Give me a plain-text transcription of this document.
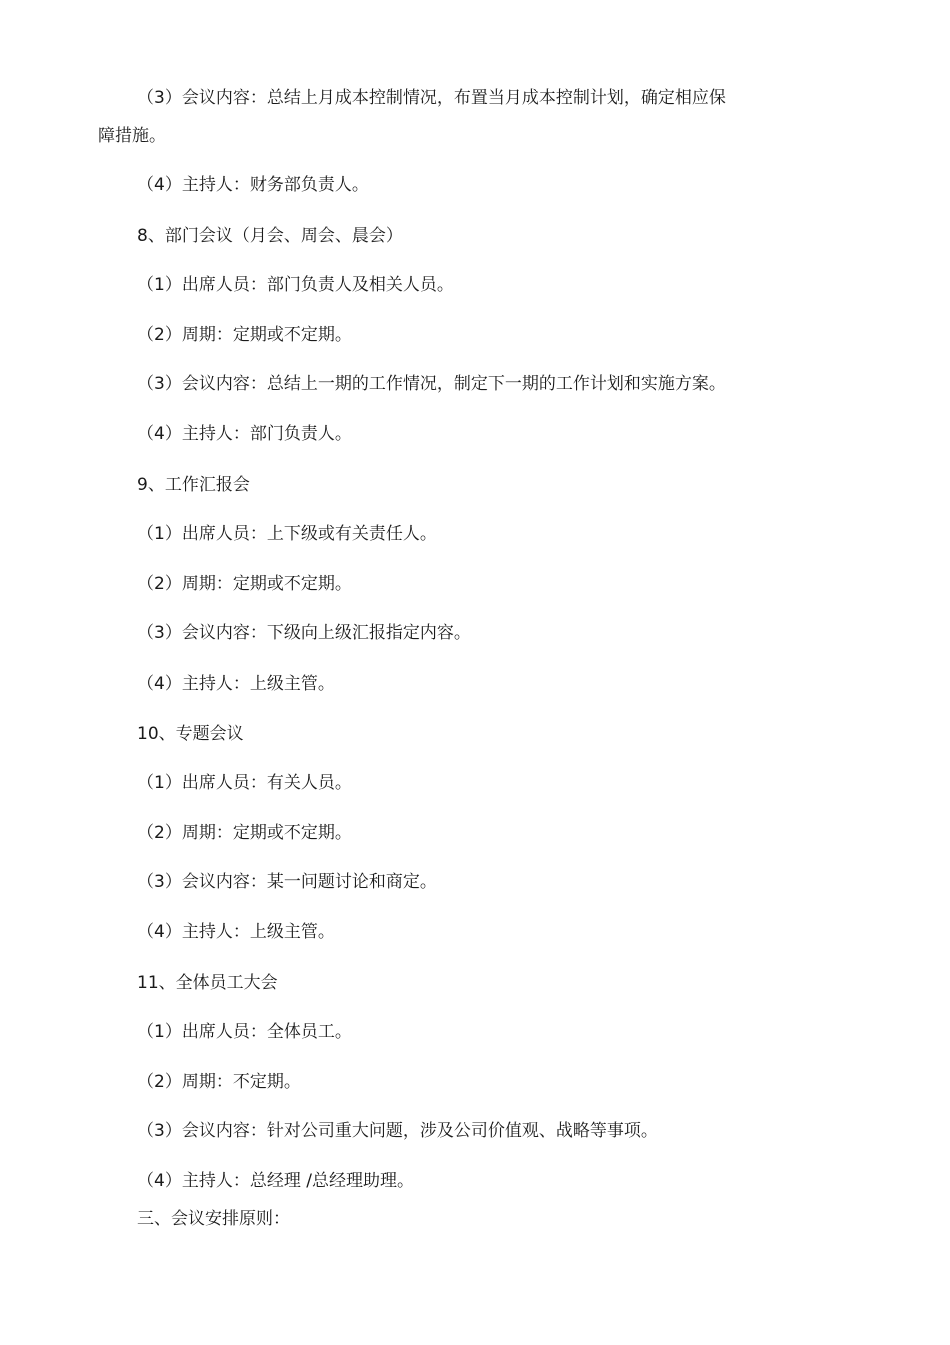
（3）会议内容：总结上月成本控制情况，布置当月成本控制计划，确定相应保
障措施。
（4）主持人：财务部负责人。
8、部门会议（月会、周会、晨会）
（1）出席人员：部门负责人及相关人员。
（2）周期：定期或不定期。
（3）会议内容：总结上一期的工作情况，制定下一期的工作计划和实施方案。
（4）主持人：部门负责人。
9、工作汇报会
（1）出席人员：上下级或有关责任人。
（2）周期：定期或不定期。
（3）会议内容：下级向上级汇报指定内容。
（4）主持人：上级主管。
10、专题会议
（1）出席人员：有关人员。
（2）周期：定期或不定期。
（3）会议内容：某一问题讨论和商定。
（4）主持人：上级主管。
11、全体员工大会
（1）出席人员：全体员工。
（2）周期：不定期。
（3）会议内容：针对公司重大问题，涉及公司价值观、战略等事项。
（4）主持人：总经理 /总经理助理。
三、会议安排原则：
